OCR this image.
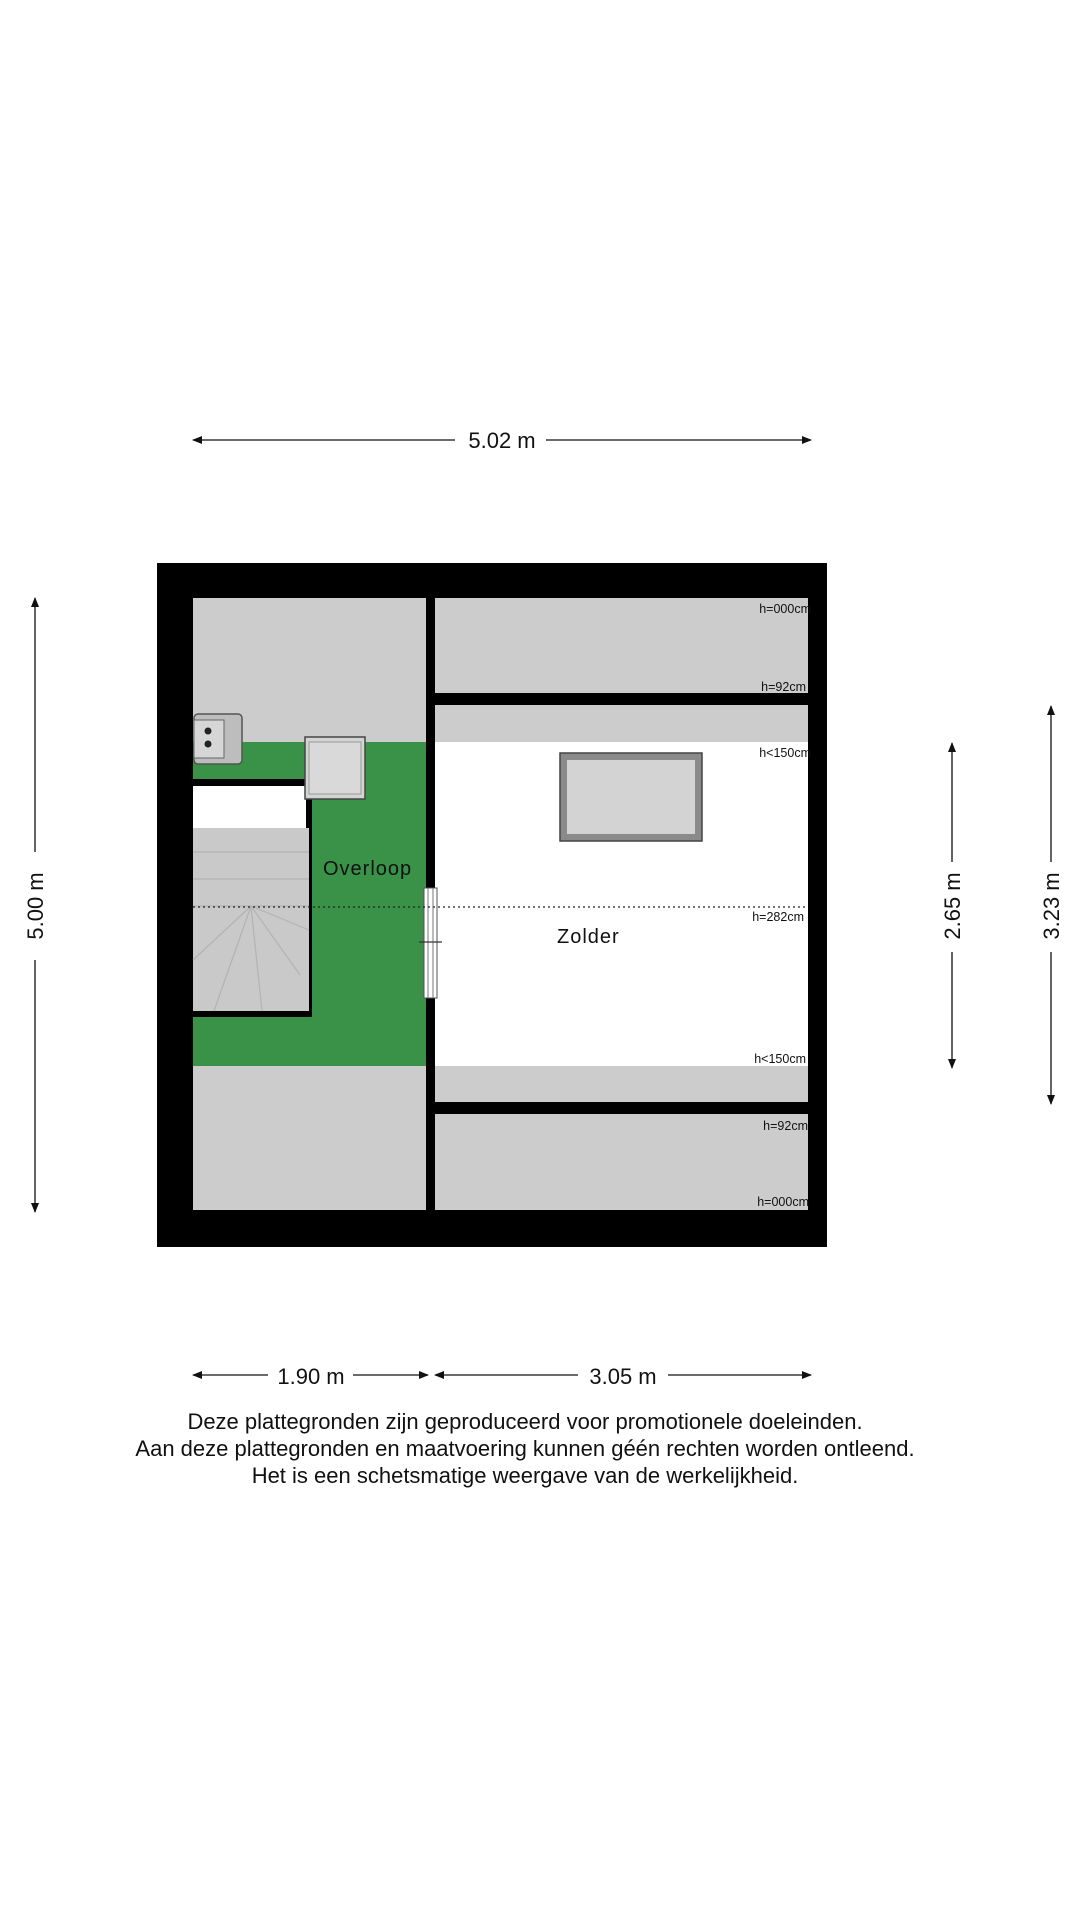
Overloop
Zolder
h=000cm
h=92cm
h<150cm
h=282cm
h<150cm
h=92cm
h=000cm
5.02 m
5.00 m	2.65 m	3.23 m
1.90 m	3.05 m
Deze plattegronden zijn geproduceerd voor promotionele doeleinden.
Aan deze plattegronden en maatvoering kunnen géén rechten worden ontleend.
Het is een schetsmatige weergave van de werkelijkheid.
